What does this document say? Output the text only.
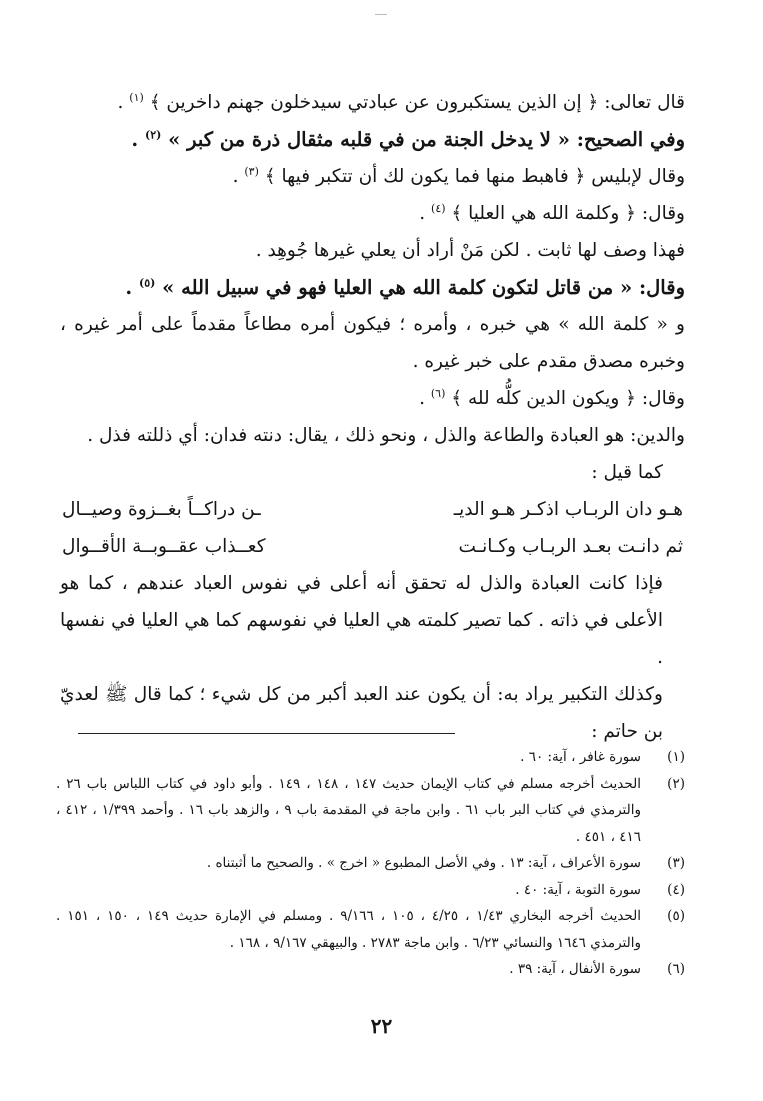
قال تعالى: ﴿ إن الذين يستكبرون عن عبادتي سيدخلون جهنم داخرين ﴾ $^{(١)}$ .

وفي الصحيح: « لا يدخل الجنة من في قلبه مثقال ذرة من كبر » $^{(٢)}$ .

وقال لإبليس ﴿ فاهبط منها فما يكون لك أن تتكبر فيها ﴾ $^{(٣)}$ .

وقال: ﴿ وكلمة الله هي العليا ﴾ $^{(٤)}$ .

فهذا وصف لها ثابت . لكن مَنْ أراد أن يعلي غيرها جُوهِد .

وقال: « من قاتل لتكون كلمة الله هي العليا فهو في سبيل الله » $^{(٥)}$ .

و « كلمة الله » هي خبره ، وأمره ؛ فيكون أمره مطاعاً مقدماً على أمر غيره ، وخبره مصدق مقدم على خبر غيره .

وقال: ﴿ ويكون الدين كلُّه لله ﴾ $^{(٦)}$ .

والدين: هو العبادة والطاعة والذل ، ونحو ذلك ، يقال: دنته فدان: أي ذللته فذل .

كما قيل :

هـو دان الربـاب اذكـر هـو الديـ
ـن دراكــاً بغــزوة وصيــال
ثم دانـت بعـد الربـاب وكـانـت
كعــذاب عقــوبــة الأقــوال

فإذا كانت العبادة والذل له تحقق أنه أعلى في نفوس العباد عندهم ، كما هو الأعلى في ذاته . كما تصير كلمته هي العليا في نفوسهم كما هي العليا في نفسها .

وكذلك التكبير يراد به: أن يكون عند العبد أكبر من كل شيء ؛ كما قال ﷺ لعديّ بن حاتم :

(١)
سورة غافر ، آية: ٦٠ .
(٢)
الحديث أخرجه مسلم في كتاب الإيمان حديث ١٤٧ ، ١٤٨ ، ١٤٩ . وأبو داود في كتاب اللباس باب ٢٦ . والترمذي في كتاب البر باب ٦١ . وابن ماجة في المقدمة باب ٩ ، والزهد باب ١٦ . وأحمد ١/٣٩٩ ، ٤١٢ ، ٤١٦ ، ٤٥١ .
(٣)
سورة الأعراف ، آية: ١٣ . وفي الأصل المطبوع « اخرج » . والصحيح ما أثبتناه .
(٤)
سورة التوبة ، آية: ٤٠ .
(٥)
الحديث أخرجه البخاري ١/٤٣ ، ٤/٢٥ ، ١٠٥ ، ٩/١٦٦ . ومسلم في الإمارة حديث ١٤٩ ، ١٥٠ ، ١٥١ . والترمذي ١٦٤٦ والنسائي ٦/٢٣ . وابن ماجة ٢٧٨٣ . والبيهقي ٩/١٦٧ ، ١٦٨ .
(٦)
سورة الأنفال ، آية: ٣٩ .
٢٢
